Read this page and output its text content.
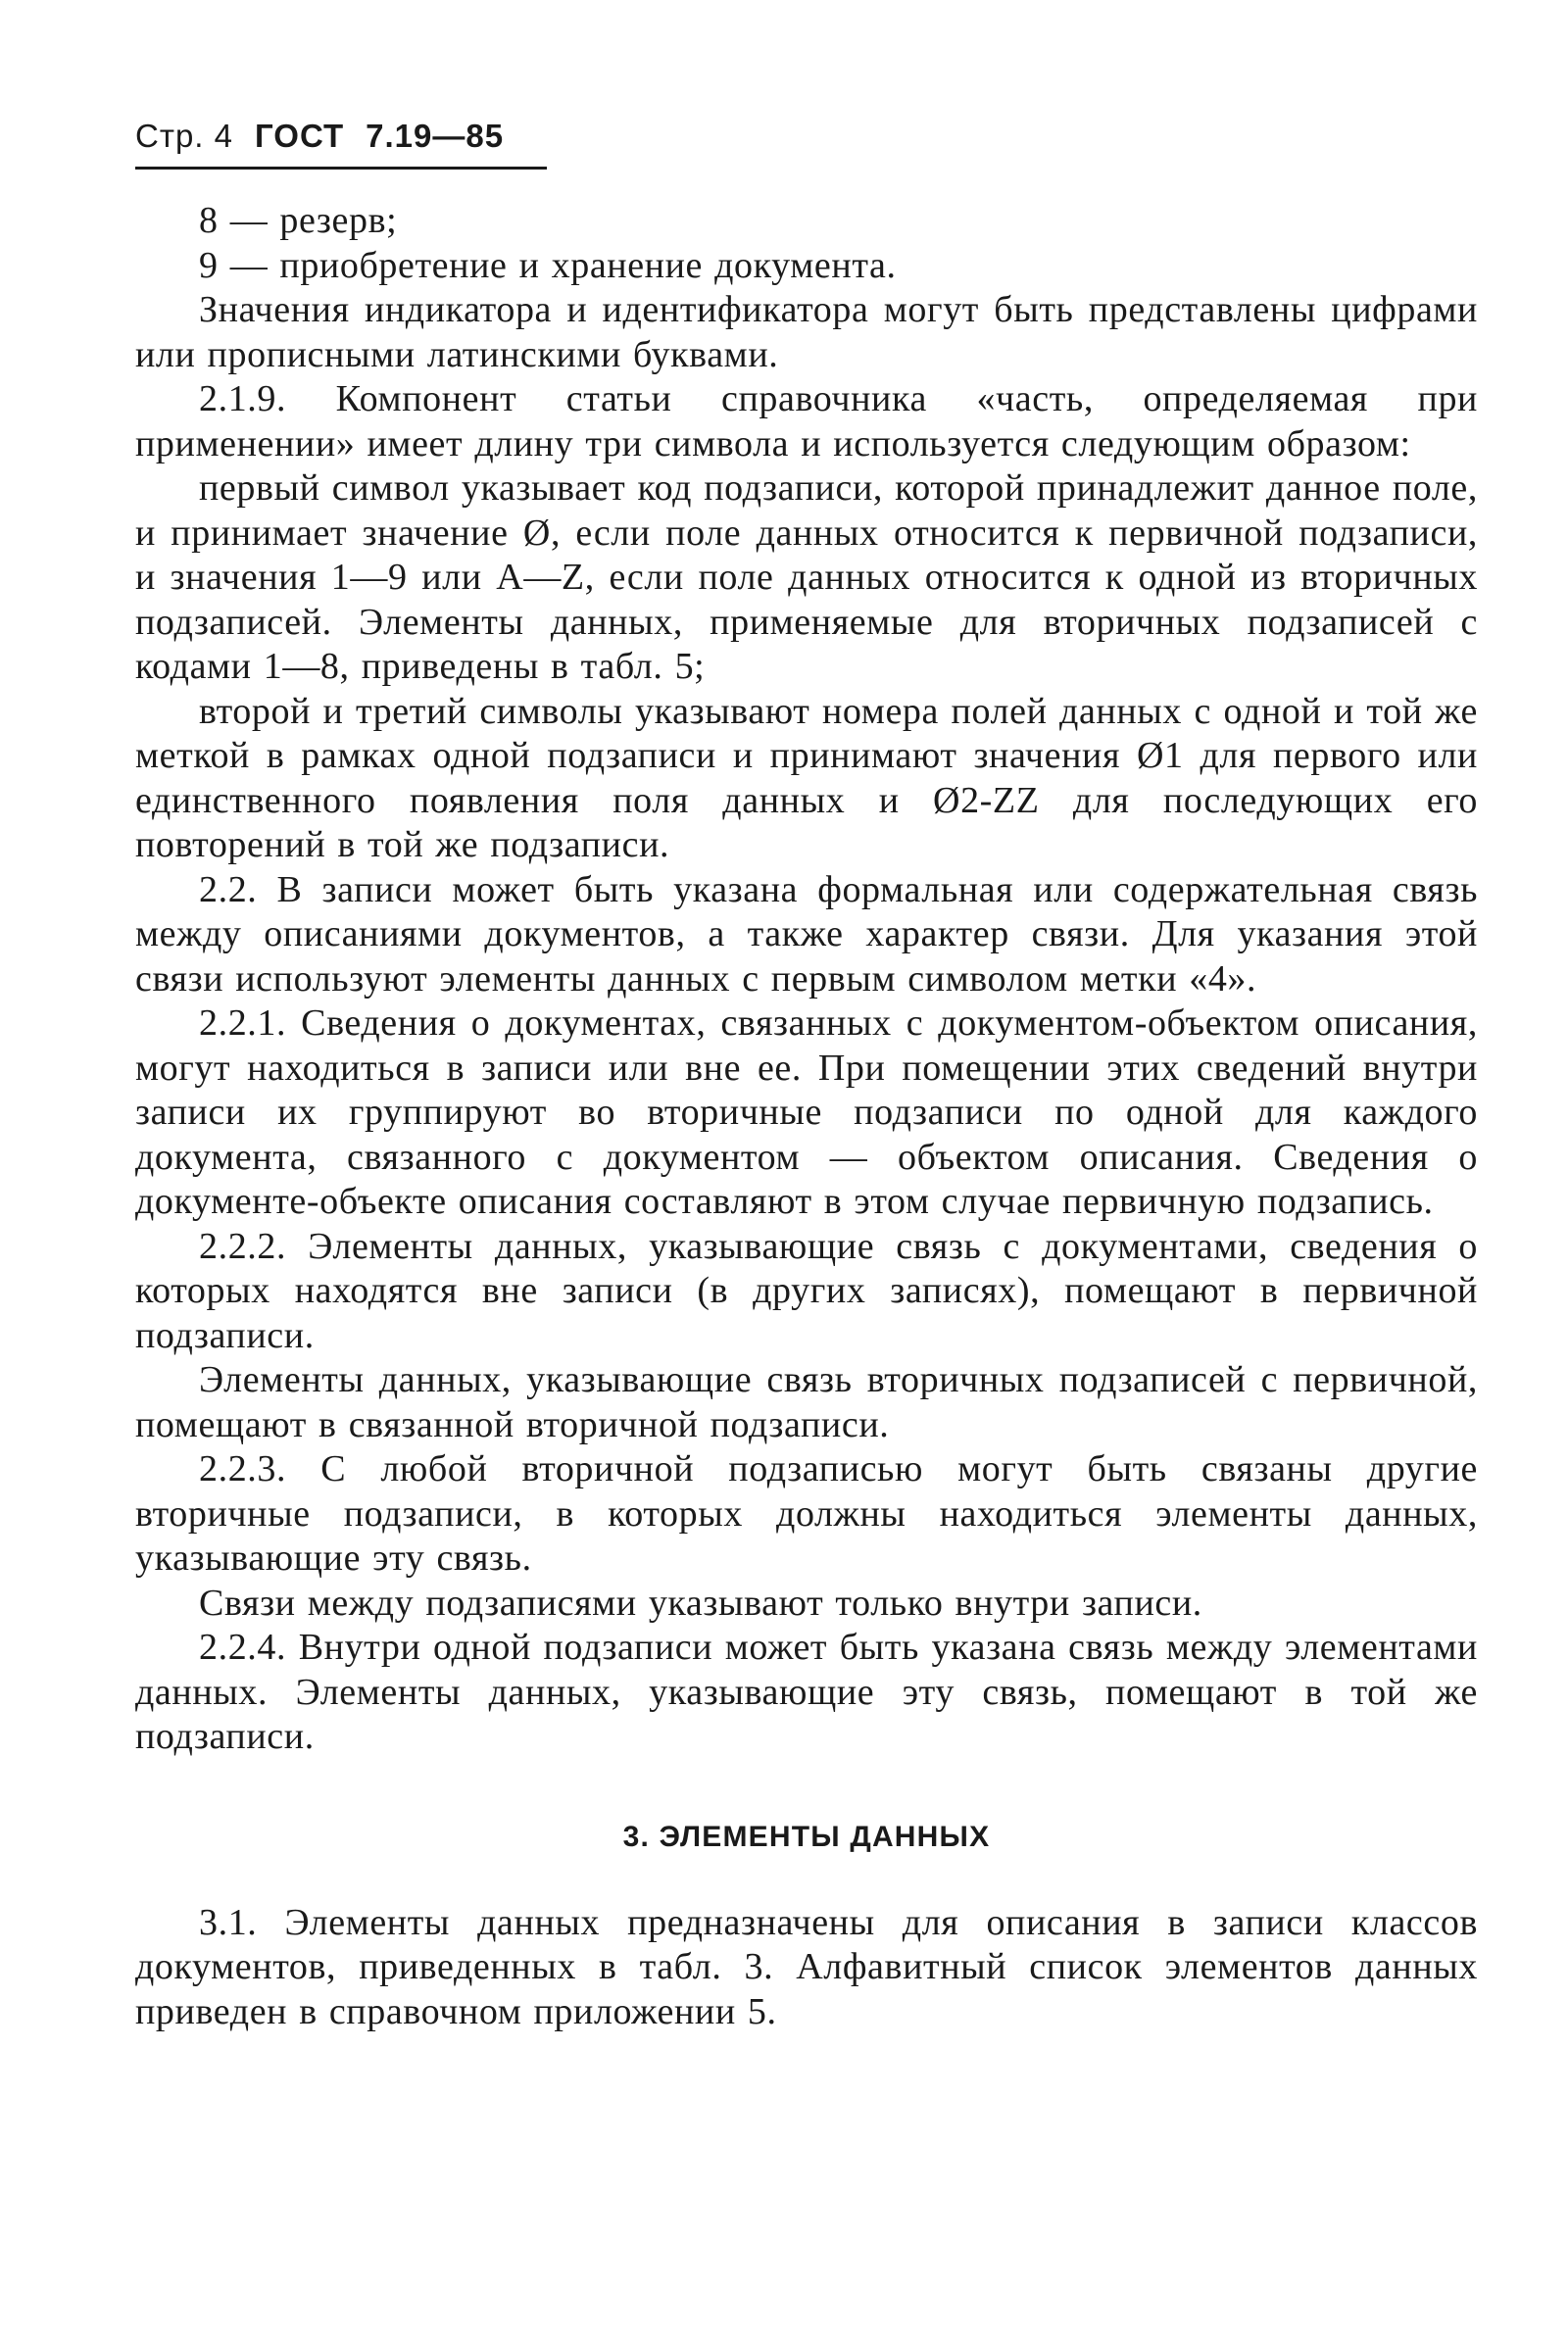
Стр. 4 ГОСТ 7.19—85

8 — резерв;

9 — приобретение и хранение документа.

Значения индикатора и идентификатора могут быть представлены цифрами или прописными латинскими буквами.

2.1.9. Компонент статьи справочника «часть, определяемая при применении» имеет длину три символа и используется следующим образом:

первый символ указывает код подзаписи, которой принадлежит данное поле, и принимает значение Ø, если поле данных относится к первичной подзаписи, и значения 1—9 или А—Z, если поле данных относится к одной из вторичных подзаписей. Элементы данных, применяемые для вторичных подзаписей с кодами 1—8, приведены в табл. 5;

второй и третий символы указывают номера полей данных с одной и той же меткой в рамках одной подзаписи и принимают значения Ø1 для первого или единственного появления поля данных и Ø2-ZZ для последующих его повторений в той же подзаписи.

2.2. В записи может быть указана формальная или содержательная связь между описаниями документов, а также характер связи. Для указания этой связи используют элементы данных с первым символом метки «4».

2.2.1. Сведения о документах, связанных с документом-объектом описания, могут находиться в записи или вне ее. При помещении этих сведений внутри записи их группируют во вторичные подзаписи по одной для каждого документа, связанного с документом — объектом описания. Сведения о документе-объекте описания составляют в этом случае первичную подзапись.

2.2.2. Элементы данных, указывающие связь с документами, сведения о которых находятся вне записи (в других записях), помещают в первичной подзаписи.

Элементы данных, указывающие связь вторичных подзаписей с первичной, помещают в связанной вторичной подзаписи.

2.2.3. С любой вторичной подзаписью могут быть связаны другие вторичные подзаписи, в которых должны находиться элементы данных, указывающие эту связь.

Связи между подзаписями указывают только внутри записи.

2.2.4. Внутри одной подзаписи может быть указана связь между элементами данных. Элементы данных, указывающие эту связь, помещают в той же подзаписи.

3. ЭЛЕМЕНТЫ ДАННЫХ

3.1. Элементы данных предназначены для описания в записи классов документов, приведенных в табл. 3. Алфавитный список элементов данных приведен в справочном приложении 5.
